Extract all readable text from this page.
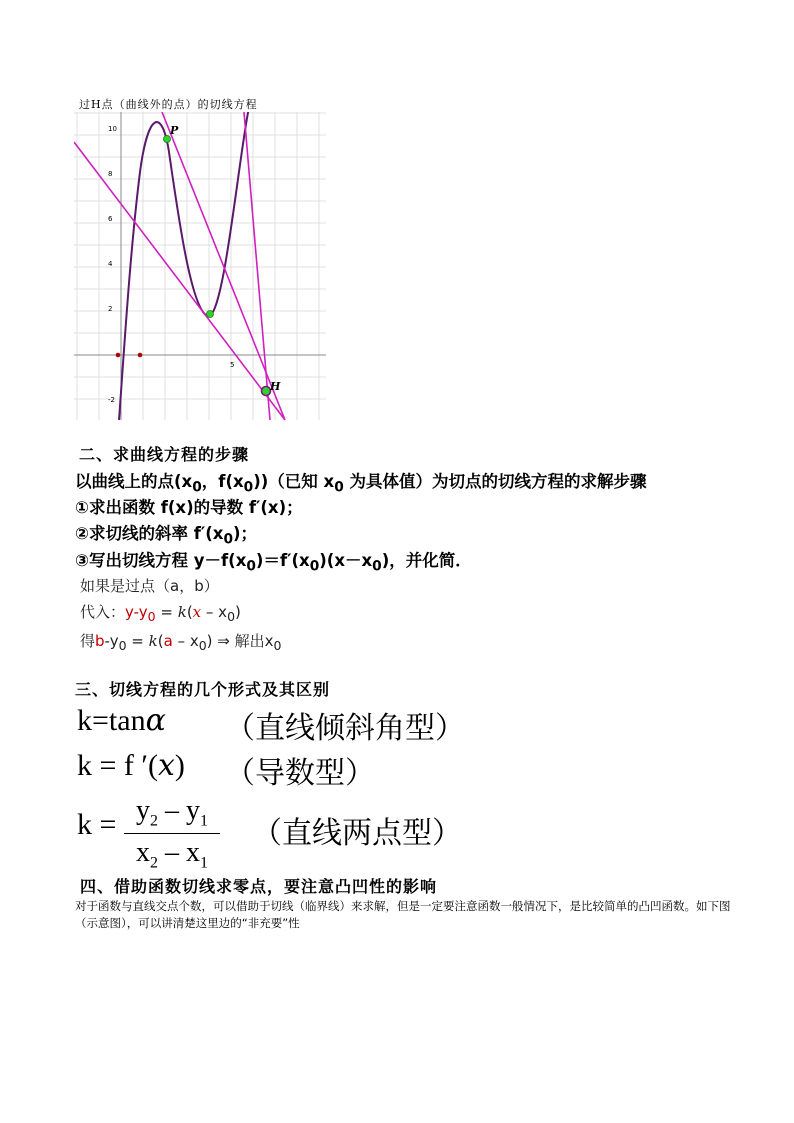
过H点（曲线外的点）的切线方程
10
8
6
4
2
-2
5
P
H
二、求曲线方程的步骤
以曲线上的点($x_0$，$f(x_0)$)（已知 $x_0$ 为具体值）为切点的切线方程的求解步骤
①求出函数 f(x)的导数 f′(x)；
②求切线的斜率 $f'(x_0)$；
③写出切线方程 $y-f(x_0)=f'(x_0)(x-x_0)$，并化简．
如果是过点（a，b）
代入：$y-y_0 = k(x - x_0)$
得$b-y_0 = k(a - x_0)$ ⇒ 解出$x_0$
三、切线方程的几个形式及其区别
k=tanα （直线倾斜角型）
k = f ′(x) （导数型）
$k = y_2 - y_1$
$x_2 - x_1$
（直线两点型）
四、借助函数切线求零点，要注意凸凹性的影响
对于函数与直线交点个数，可以借助于切线（临界线）来求解，但是一定要注意函数一般情况下，是比较简单的凸凹函数。如下图（示意图），可以讲清楚这里边的“非充要”性
